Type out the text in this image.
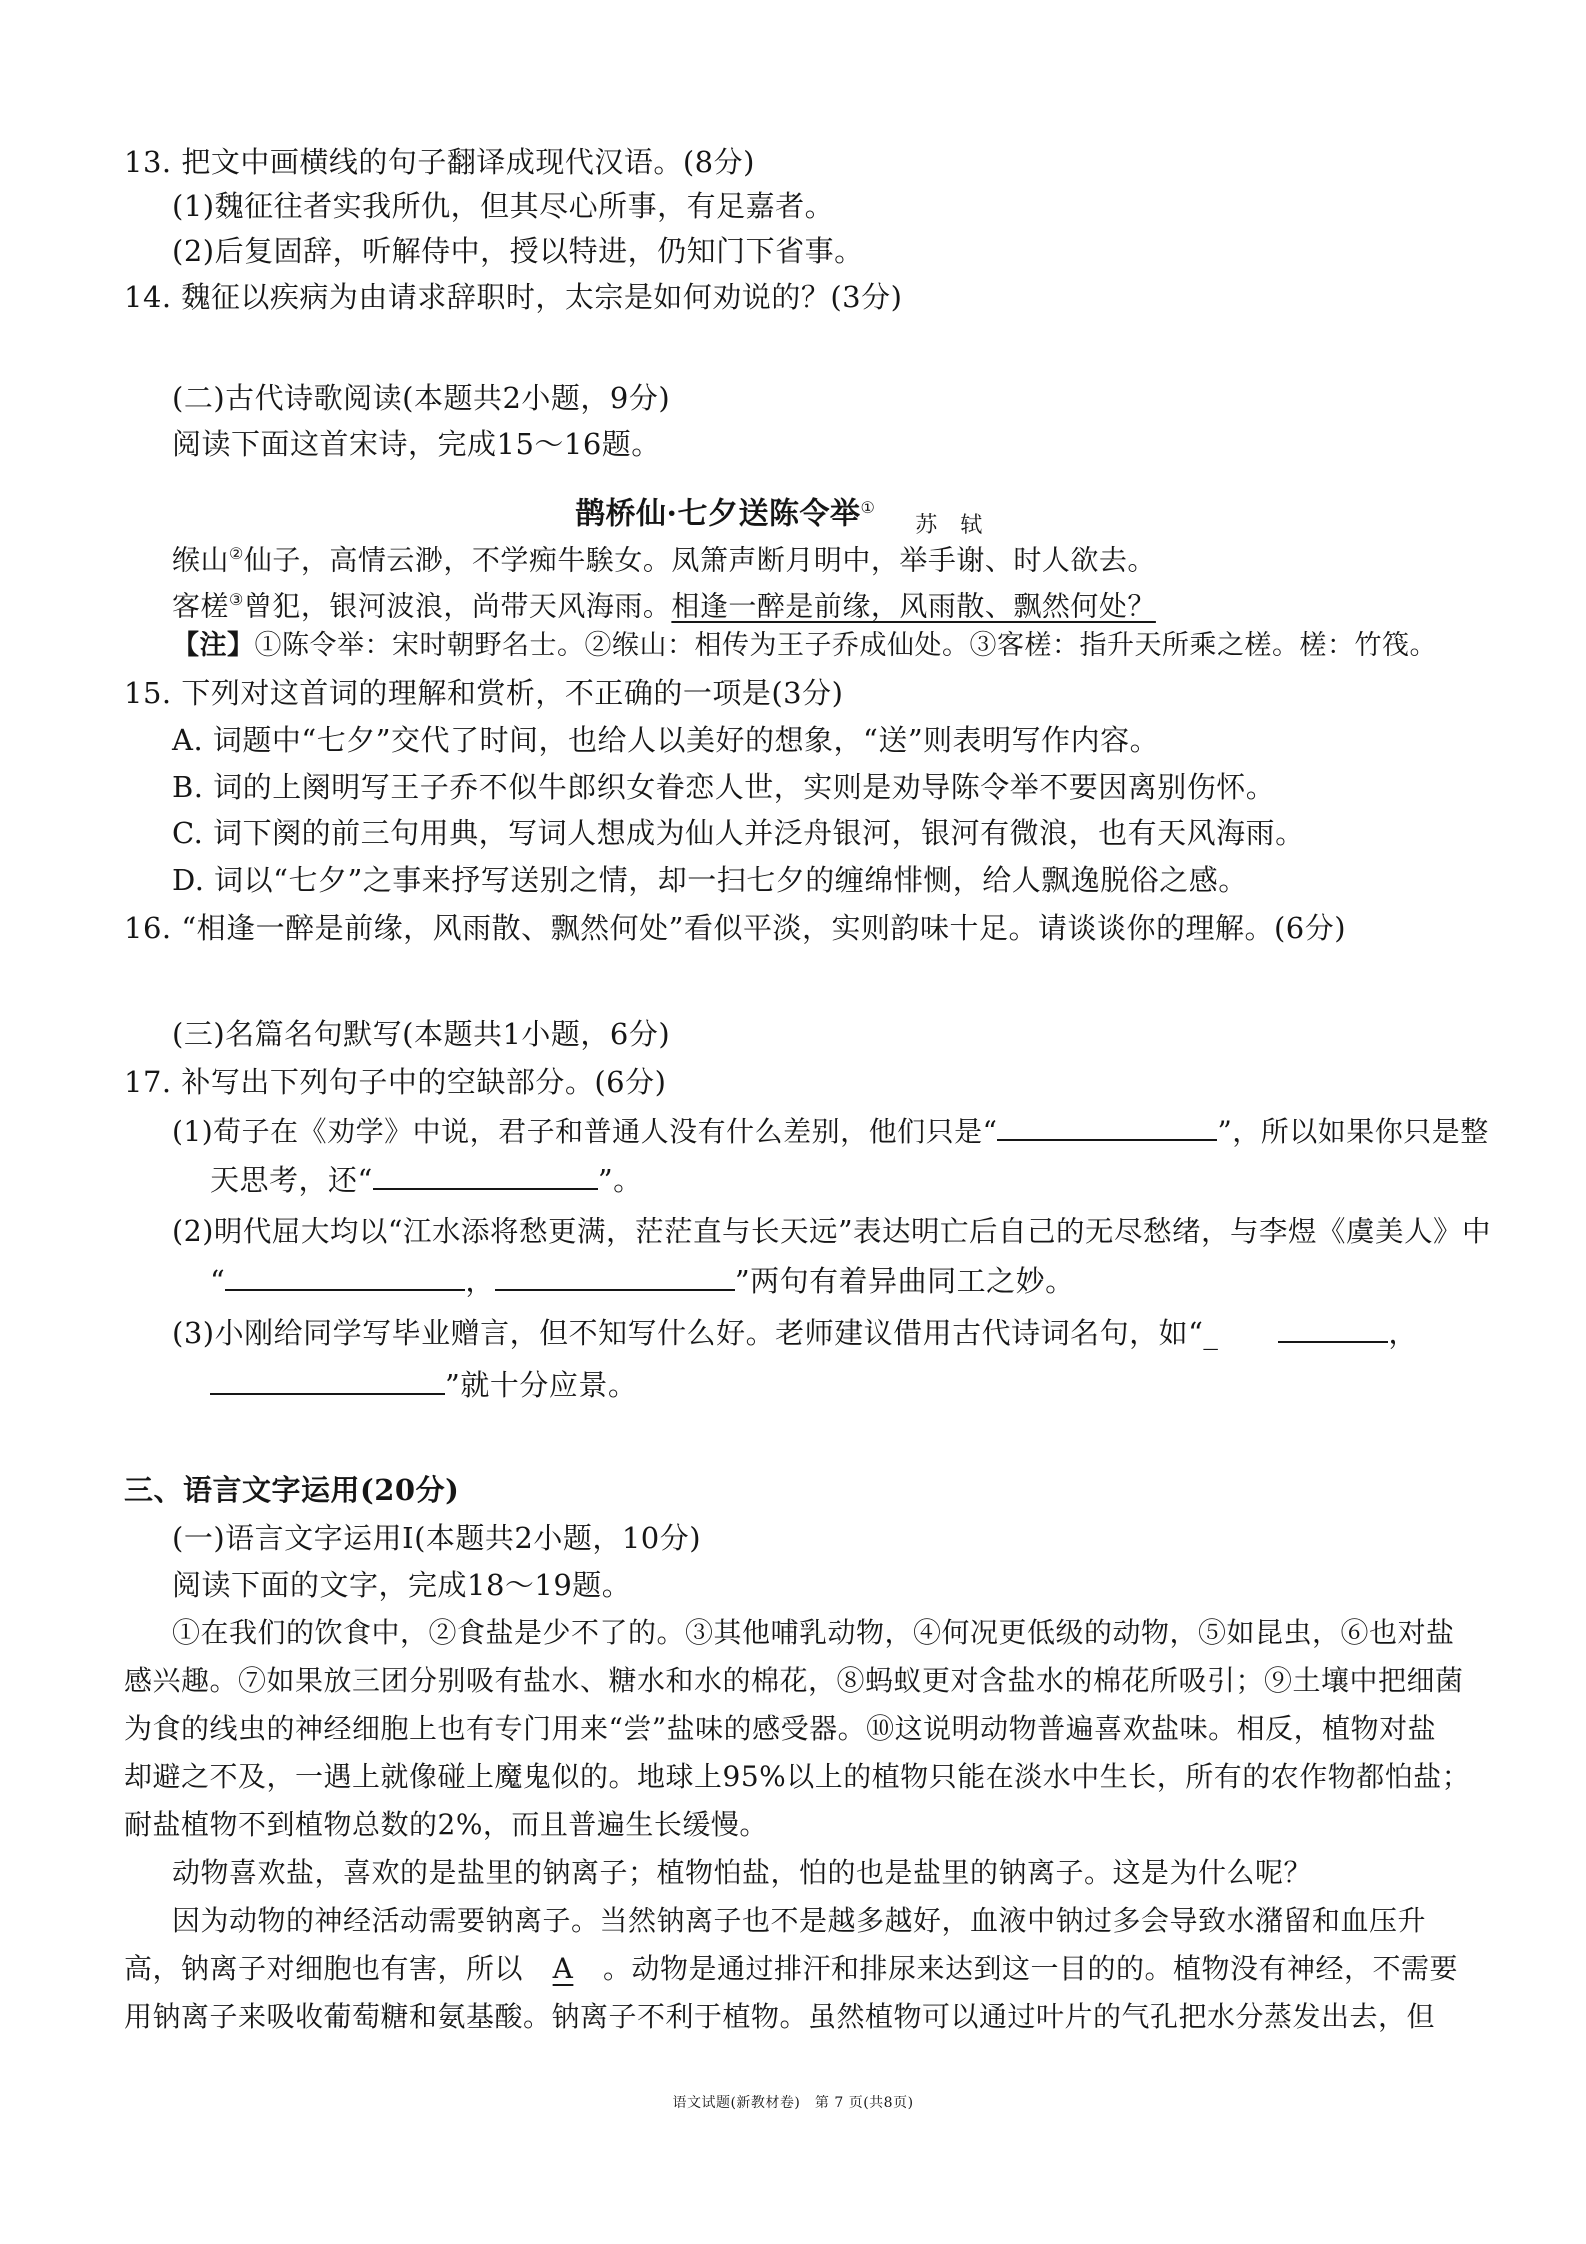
13. 把文中画横线的句子翻译成现代汉语。(8分)
(1)魏征往者实我所仇，但其尽心所事，有足嘉者。
(2)后复固辞，听解侍中，授以特进，仍知门下省事。
14. 魏征以疾病为由请求辞职时，太宗是如何劝说的？(3分)
(二)古代诗歌阅读(本题共2小题，9分)
阅读下面这首宋诗，完成15～16题。
鹊桥仙·七夕送陈令举①$_{苏 轼}$
缑山②仙子，高情云渺，不学痴牛騃女。凤箫声断月明中，举手谢、时人欲去。
客槎③曾犯，银河波浪，尚带天风海雨。相逢一醉是前缘，风雨散、飘然何处？
【注】①陈令举：宋时朝野名士。②缑山：相传为王子乔成仙处。③客槎：指升天所乘之槎。槎：竹筏。
15. 下列对这首词的理解和赏析，不正确的一项是(3分)
A. 词题中“七夕”交代了时间，也给人以美好的想象，“送”则表明写作内容。
B. 词的上阕明写王子乔不似牛郎织女眷恋人世，实则是劝导陈令举不要因离别伤怀。
C. 词下阕的前三句用典，写词人想成为仙人并泛舟银河，银河有微浪，也有天风海雨。
D. 词以“七夕”之事来抒写送别之情，却一扫七夕的缠绵悱恻，给人飘逸脱俗之感。
16. “相逢一醉是前缘，风雨散、飘然何处”看似平淡，实则韵味十足。请谈谈你的理解。(6分)
(三)名篇名句默写(本题共1小题，6分)
17. 补写出下列句子中的空缺部分。(6分)
(1)荀子在《劝学》中说，君子和普通人没有什么差别，他们只是“	”，所以如果你只是整
天思考，还“	”。
(2)明代屈大均以“江水添将愁更满，茫茫直与长天远”表达明亡后自己的无尽愁绪，与李煜《虞美人》中
“	，	”两句有着异曲同工之妙。
(3)小刚给同学写毕业赠言，但不知写什么好。老师建议借用古代诗词名句，如“_	，
”就十分应景。
三、语言文字运用(20分)
(一)语言文字运用Ⅰ(本题共2小题，10分)
阅读下面的文字，完成18～19题。
①在我们的饮食中，②食盐是少不了的。③其他哺乳动物，④何况更低级的动物，⑤如昆虫，⑥也对盐
感兴趣。⑦如果放三团分别吸有盐水、糖水和水的棉花，⑧蚂蚁更对含盐水的棉花所吸引；⑨土壤中把细菌
为食的线虫的神经细胞上也有专门用来“尝”盐味的感受器。⑩这说明动物普遍喜欢盐味。相反，植物对盐
却避之不及，一遇上就像碰上魔鬼似的。地球上95%以上的植物只能在淡水中生长，所有的农作物都怕盐；
耐盐植物不到植物总数的2%，而且普遍生长缓慢。
动物喜欢盐，喜欢的是盐里的钠离子；植物怕盐，怕的也是盐里的钠离子。这是为什么呢？
因为动物的神经活动需要钠离子。当然钠离子也不是越多越好，血液中钠过多会导致水潴留和血压升
高，钠离子对细胞也有害，所以 A 。动物是通过排汗和排尿来达到这一目的的。植物没有神经，不需要
用钠离子来吸收葡萄糖和氨基酸。钠离子不利于植物。虽然植物可以通过叶片的气孔把水分蒸发出去，但
语文试题(新教材卷)　第 7 页(共8页)
